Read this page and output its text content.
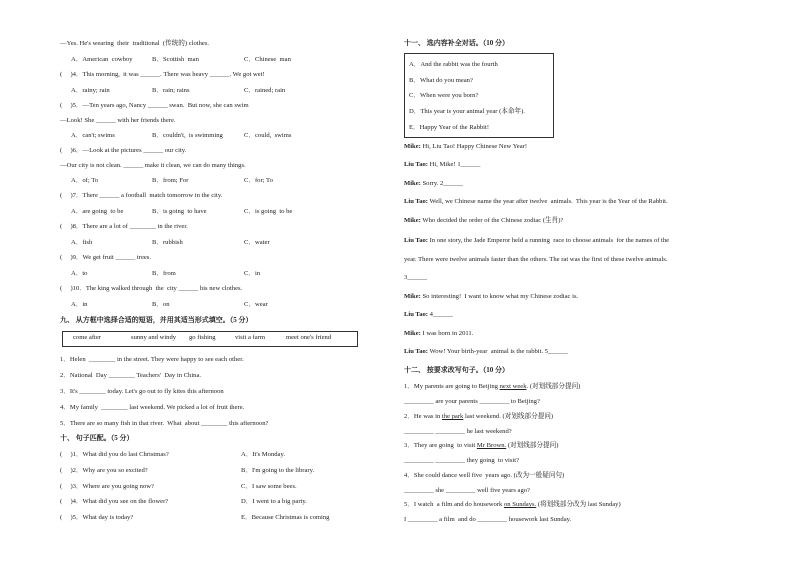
—Yes. He's wearing  their  traditional  (传统的) clothes.
A．American  cowboy	B．Scottish  man	C．Chinese  man
(     )4．This morning,  it was ______. There was heavy ______. We got wet!
A．rainy; rain	B．rain; rains	C．rained; rain
(     )5．—Ten years ago, Nancy ______ swan.  But now, she can swim
—Look! She ______ with her friends there.
A．can't; swims	B．couldn't,  is swimming	C．could,  swims
(     )6．—Look at the pictures ______ our city.
—Our city is not clean. ______ make it clean, we can do many things.
A．of; To	B．from; For	C．for; To
(     )7．There ______ a football  match tomorrow in the city.
A．are going  to be	B．is going  to have	C．is going  to be
(     )8．There are a lot of ________ in the river.
A．fish	B．rubbish	C．water
(     )9．We get fruit ______ trees.
A．to	B．from	C．in
(     )10．The king walked through  the  city ______ his new clothes.
A．in	B．on	C．wear
九、 从方框中选择合适的短语，并用其适当形式填空。（5 分）
come after	sunny and windy go fishing	visit a farm	meet one's friend
1．Helen  ________ in the street. They were happy to see each other.
2．National  Day ________ Teachers'  Day in China.
3．It's ________ today. Let's go out to fly kites this afternoon
4．My family  ________ last weekend. We picked a lot of fruit there.
5．There are so many fish in that river.  What  about ________ this afternoon?
十、 句子匹配。（5 分）
(     )1．What did you do last Christmas?	A．It's Monday.
(     )2．Why are you so excited?	B．I'm going to the library.
(     )3．Where are you going now?	C．I saw some bees.
(     )4．What did you see on the flower?	D．I went to a big party.
(     )5．What day is today?	E．Because Christmas is coming
十一、 选内容补全对话。（10 分）
A．And the rabbit was the fourth
B．What do you mean?
C．When were you born?
D．This year is your animal year (本命年).
E．Happy Year of the Rabbit!
Mike: Hi, Liu Tao! Happy Chinese New Year!
Liu Tao: Hi, Mike! 1______
Mike: Sorry. 2______
Liu Tao: Well, we Chinese name the year after twelve  animals.  This year is the Year of the Rabbit.
Mike: Who decided the order of the Chinese zodiac (生肖)?
Liu Tao: In one story, the Jade Emperor held a running  race to choose animals  for the names of the
year. There were twelve animals faster than the others. The rat was the first of these twelve animals.
3______
Mike: So interesting!  I want to know what my Chinese zodiac is.
Liu Tao: 4______
Mike: I was born in 2011.
Liu Tao: Wow! Your birth-year  animal is the rabbit. 5______
十二、 按要求改写句子。（10 分）
1．My parents are going to Beijing next week. (对划线部分提问)
_________ are your parents _________ to Beijing?
2．He was in the park last weekend. (对划线部分提问)
_________ _________ he last weekend?
3．They are going  to visit Mr Brown. (对划线部分提问)
_________ _________ they going  to visit?
4．She could dance well five  years ago. (改为一般疑问句)
_________ she _________ well five years ago?
5．I watch  a film and do housework on Sundays. (将划线部分改为 last Sunday)
I _________ a film  and do _________ housework last Sunday.
